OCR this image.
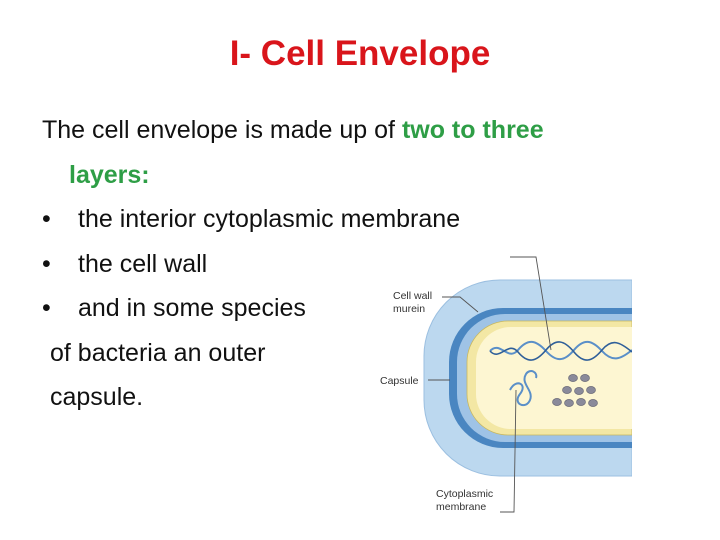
I- Cell Envelope
The cell envelope is made up of two to three
layers:
• the interior cytoplasmic membrane
• the cell wall
• and in some species
of bacteria an outer
capsule.
Cell wall
murein
Capsule
Cytoplasmic
membrane
